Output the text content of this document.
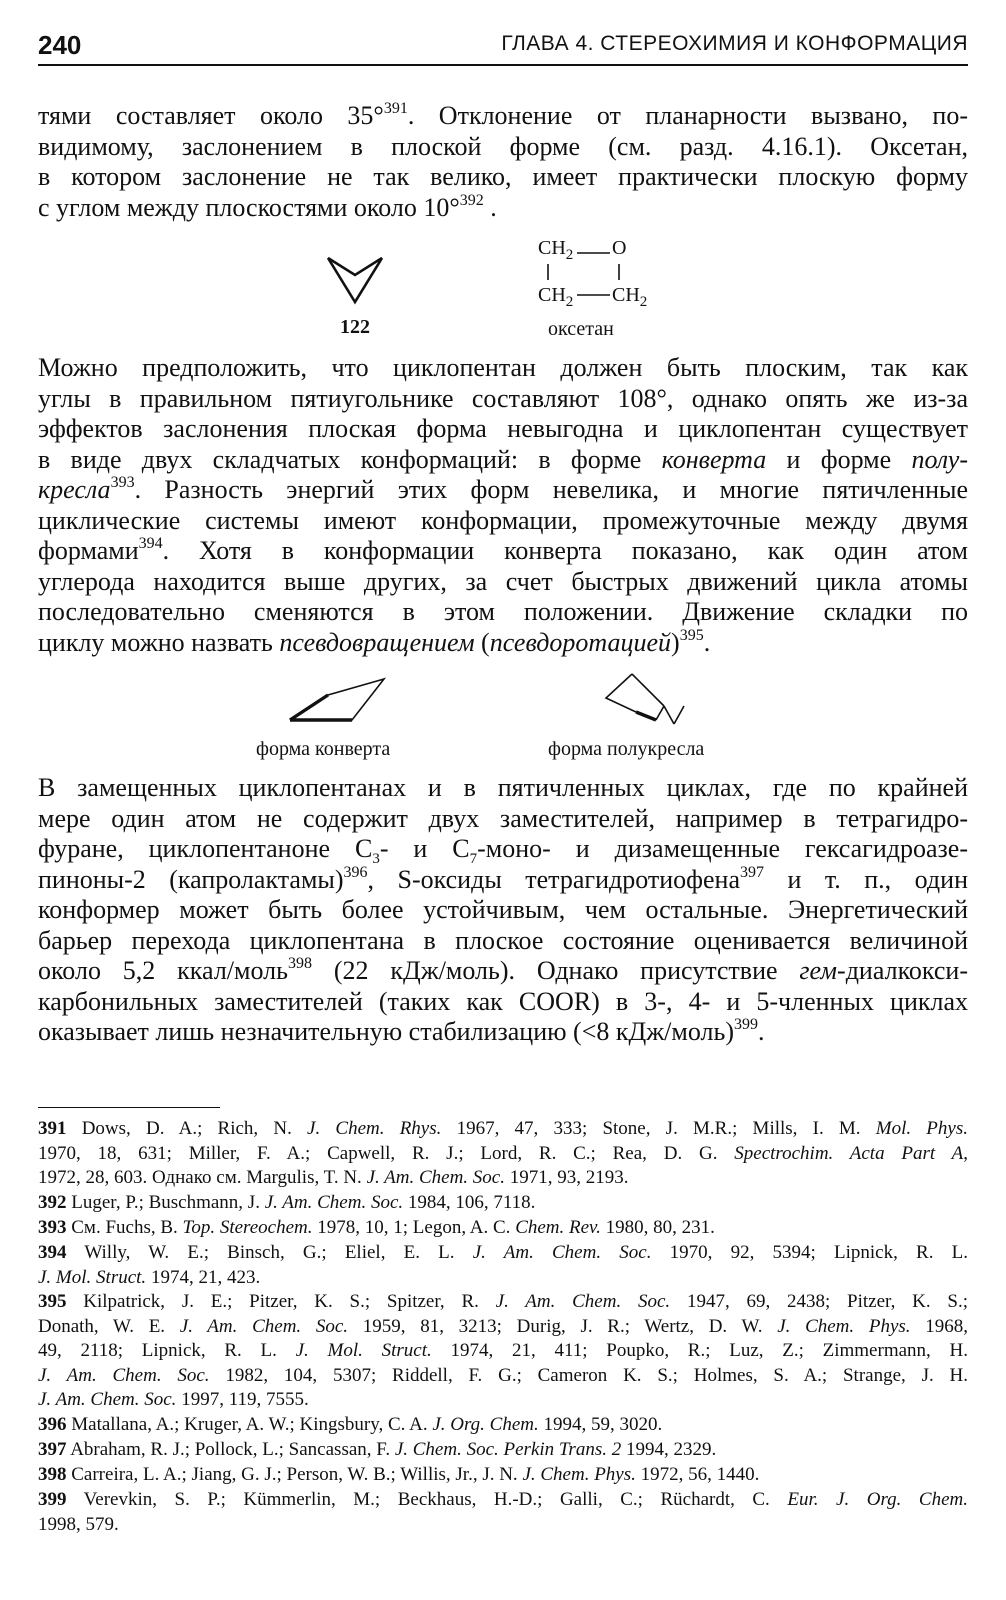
240	ГЛАВА 4. СТЕРЕОХИМИЯ И КОНФОРМАЦИЯ
тями составляет около 35°$^{391}$. Отклонение от планарности вызвано, по-
видимому, заслонением в плоской форме (см. разд. 4.16.1). Оксетан,
в котором заслонение не так велико, имеет практически плоскую форму
с углом между плоскостями около 10°$^{392}$ .
122
$CH_2$ O
$CH_2$ $CH_2$
оксетан
Можно предположить, что циклопентан должен быть плоским, так как
углы в правильном пятиугольнике составляют 108°, однако опять же из-за
эффектов заслонения плоская форма невыгодна и циклопентан существует
в виде двух складчатых конформаций: в форме конверта и форме полу-
кресла$^{393}$. Разность энергий этих форм невелика, и многие пятичленные
циклические системы имеют конформации, промежуточные между двумя
формами$^{394}$. Хотя в конформации конверта показано, как один атом
углерода находится выше других, за счет быстрых движений цикла атомы
последовательно сменяются в этом положении. Движение складки по
циклу можно назвать псевдовращением (псевдоротацией)$^{395}$.
форма конверта	форма полукресла
В замещенных циклопентанах и в пятичленных циклах, где по крайней
мере один атом не содержит двух заместителей, например в тетрагидро-
фуране, циклопентаноне $C_3-$ и $C_7-моно-$ и дизамещенные гексагидроазе-
пиноны-2 (капролактамы)$^{396}$, S-оксиды тетрагидротиофена$^{397}$ и т. п., один
конформер может быть более устойчивым, чем остальные. Энергетический
барьер перехода циклопентана в плоское состояние оценивается величиной
около 5,2 ккал/моль$^{398}$ (22 кДж/моль). Однако присутствие гем-диалкокси-
карбонильных заместителей (таких как COOR) в 3-, 4- и 5-членных циклах
оказывает лишь незначительную стабилизацию (<8 кДж/моль)$^{399}$.
391 Dows, D. A.; Rich, N. J. Chem. Rhys. 1967, 47, 333; Stone, J. M.R.; Mills, I. M. Mol. Phys.
1970, 18, 631; Miller, F. A.; Capwell, R. J.; Lord, R. C.; Rea, D. G. Spectrochim. Acta Part A,
1972, 28, 603. Однако см. Margulis, T. N. J. Am. Chem. Soc. 1971, 93, 2193.
392 Luger, P.; Buschmann, J. J. Am. Chem. Soc. 1984, 106, 7118.
393 См. Fuchs, B. Top. Stereochem. 1978, 10, 1; Legon, A. C. Chem. Rev. 1980, 80, 231.
394 Willy, W. E.; Binsch, G.; Eliel, E. L. J. Am. Chem. Soc. 1970, 92, 5394; Lipnick, R. L.
J. Mol. Struct. 1974, 21, 423.
395 Kilpatrick, J. E.; Pitzer, K. S.; Spitzer, R. J. Am. Chem. Soc. 1947, 69, 2438; Pitzer, K. S.;
Donath, W. E. J. Am. Chem. Soc. 1959, 81, 3213; Durig, J. R.; Wertz, D. W. J. Chem. Phys. 1968,
49, 2118; Lipnick, R. L. J. Mol. Struct. 1974, 21, 411; Poupko, R.; Luz, Z.; Zimmermann, H.
J. Am. Chem. Soc. 1982, 104, 5307; Riddell, F. G.; Cameron K. S.; Holmes, S. A.; Strange, J. H.
J. Am. Chem. Soc. 1997, 119, 7555.
396 Matallana, A.; Kruger, A. W.; Kingsbury, C. A. J. Org. Chem. 1994, 59, 3020.
397 Abraham, R. J.; Pollock, L.; Sancassan, F. J. Chem. Soc. Perkin Trans. 2 1994, 2329.
398 Carreira, L. A.; Jiang, G. J.; Person, W. B.; Willis, Jr., J. N. J. Chem. Phys. 1972, 56, 1440.
399 Verevkin, S. P.; Kümmerlin, M.; Beckhaus, H.-D.; Galli, C.; Rüchardt, C. Eur. J. Org. Chem.
1998, 579.
